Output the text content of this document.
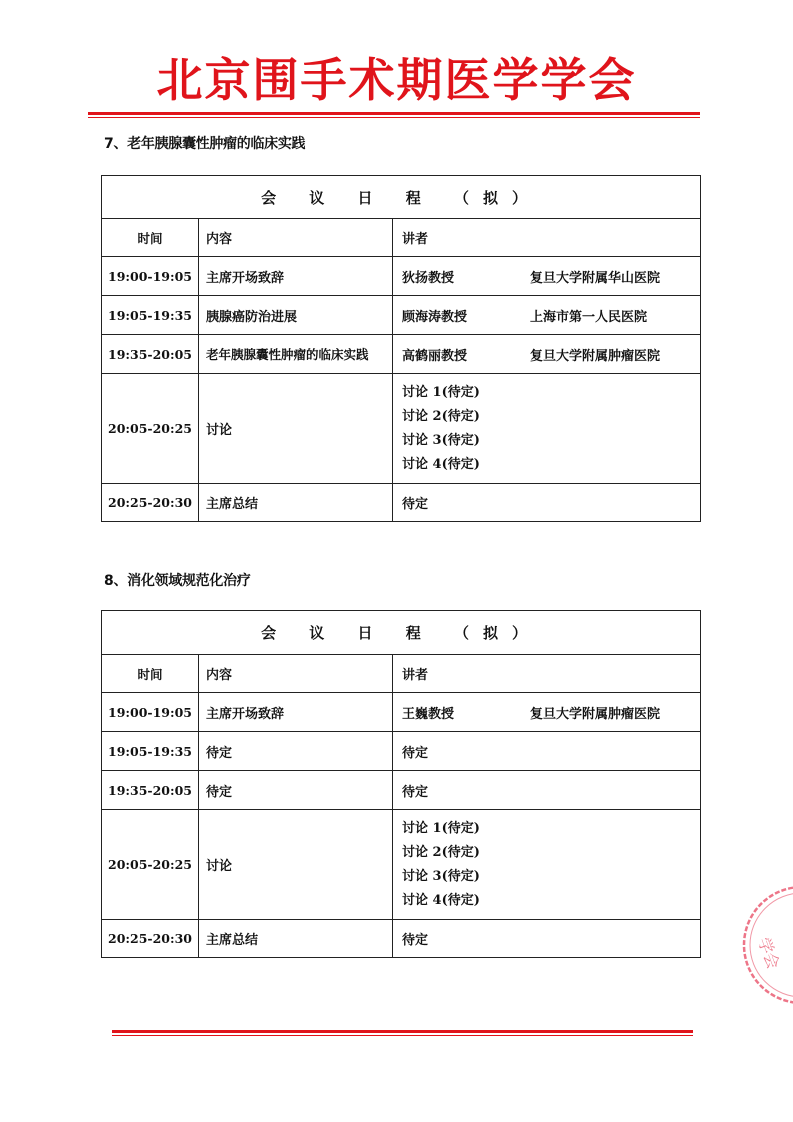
北京围手术期医学学会
7、老年胰腺囊性肿瘤的临床实践
会 议 日 程 （拟）		
时间	内容	讲者
19:00-19:05	主席开场致辞	狄扬教授 复旦大学附属华山医院
19:05-19:35	胰腺癌防治进展	顾海涛教授 上海市第一人民医院
19:35-20:05	老年胰腺囊性肿瘤的临床实践	高鹤丽教授 复旦大学附属肿瘤医院
20:05-20:25	讨论	讨论 1(待定)
讨论 2(待定)
讨论 3(待定)
讨论 4(待定)

20:25-20:30	主席总结	待定
8、消化领域规范化治疗
会 议 日 程 （拟）		
时间	内容	讲者
19:00-19:05	主席开场致辞	王巍教授 复旦大学附属肿瘤医院
19:05-19:35	待定	待定
19:35-20:05	待定	待定
20:05-20:25	讨论	讨论 1(待定)
讨论 2(待定)
讨论 3(待定)
讨论 4(待定)

20:25-20:30	主席总结	待定	学会
